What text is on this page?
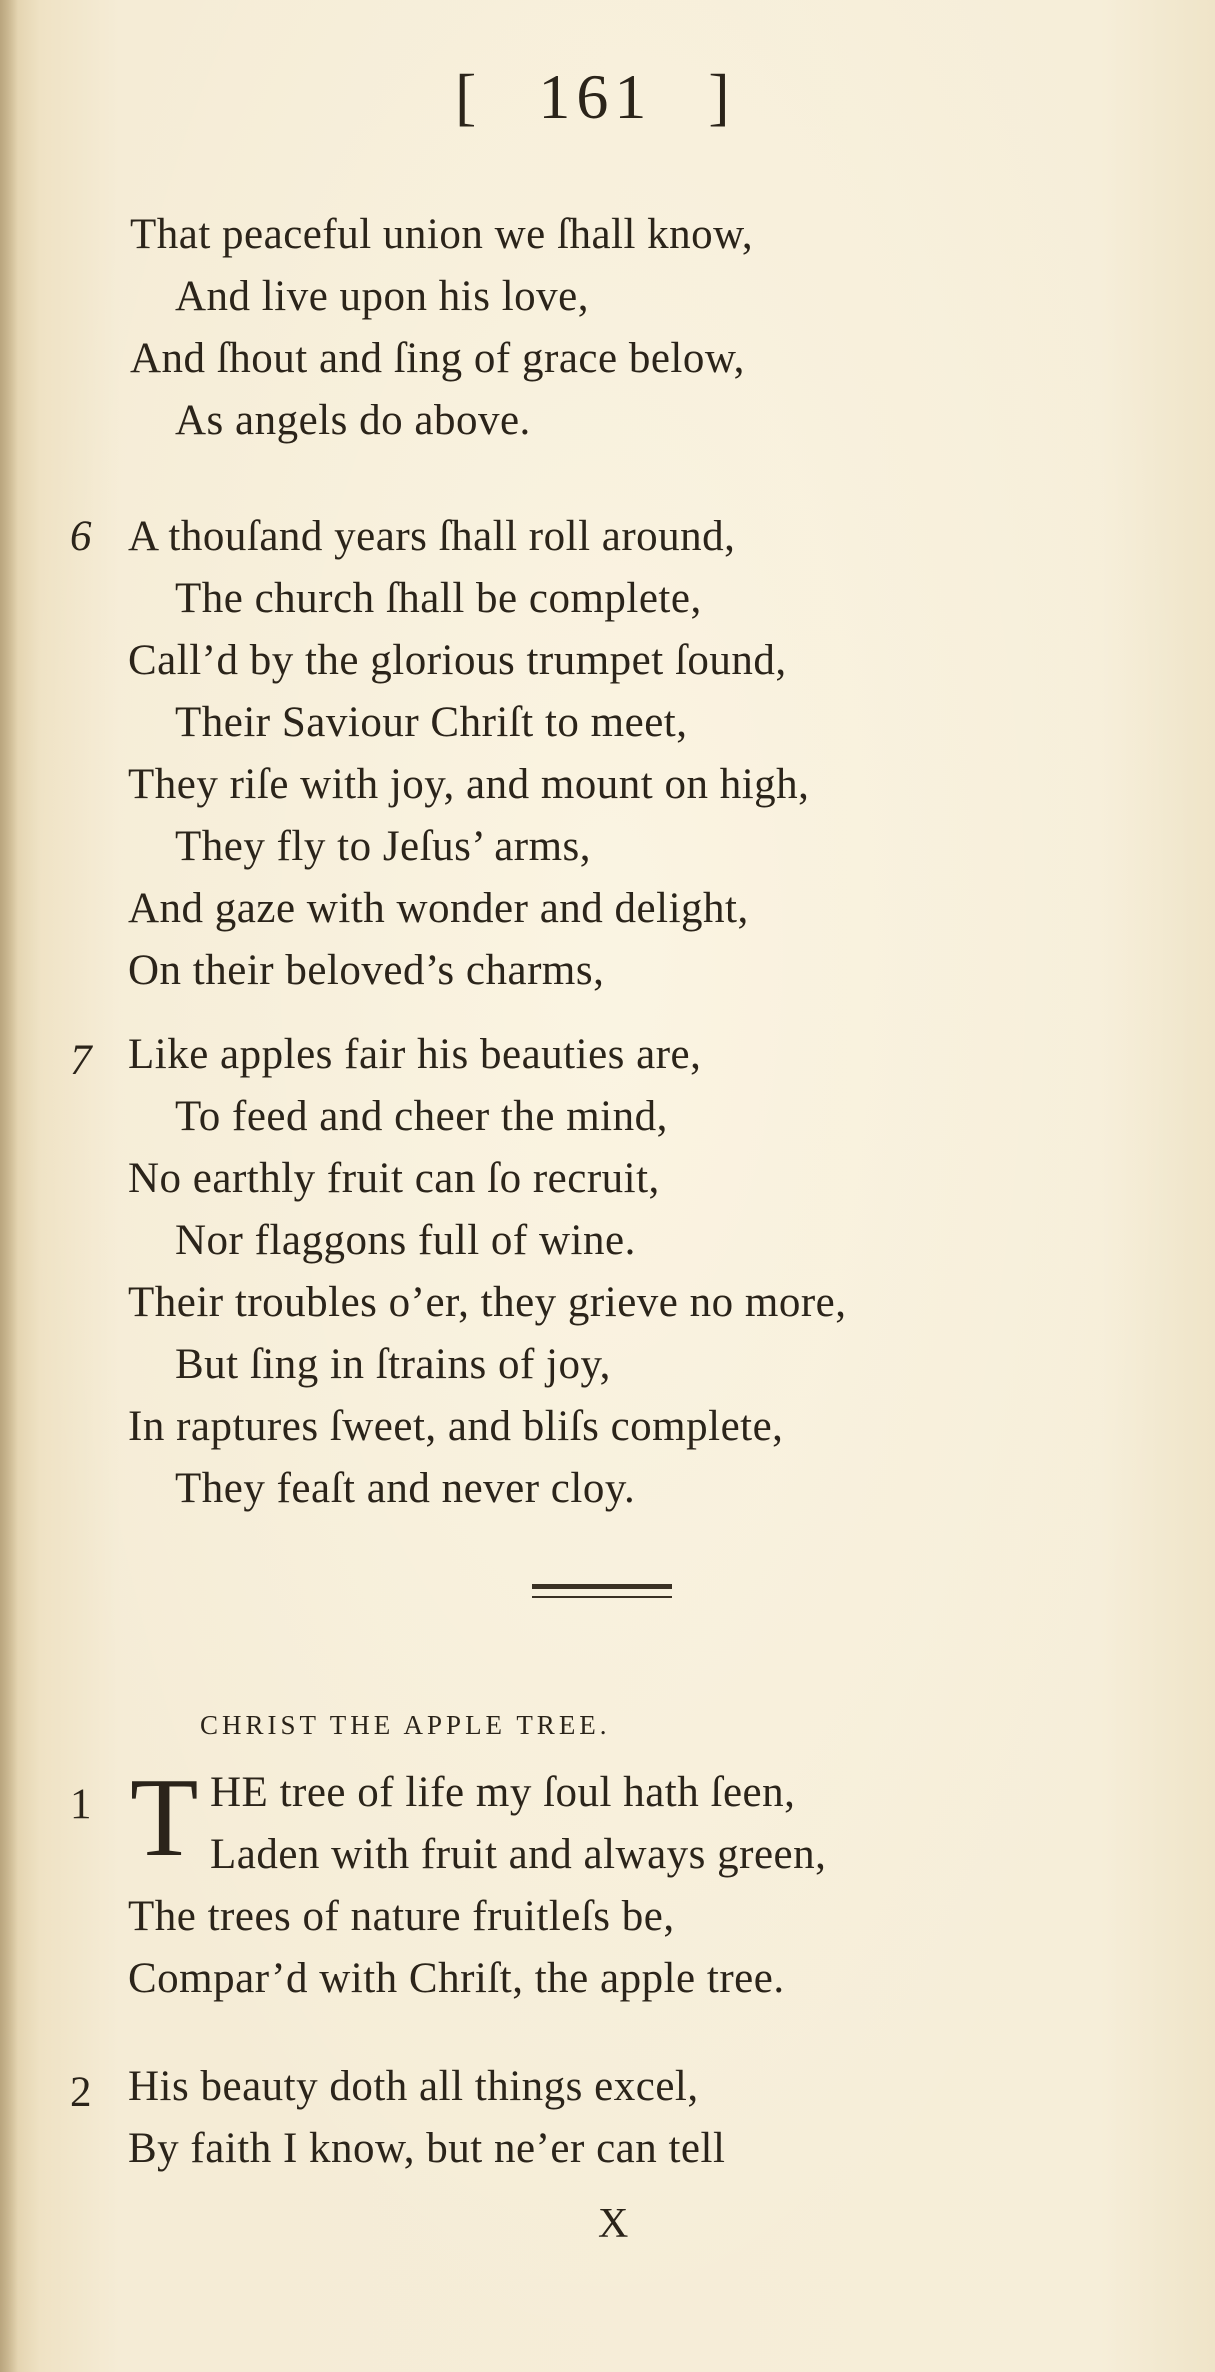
[ 161 ]
That peaceful union we ſhall know,
And live upon his love,
And ſhout and ſing of grace below,
As angels do above.
6 A thouſand years ſhall roll around,
The church ſhall be complete,
Call’d by the glorious trumpet ſound,
Their Saviour Chriſt to meet,
They riſe with joy, and mount on high,
They fly to Jeſus’ arms,
And gaze with wonder and delight,
On their beloved’s charms,
7 Like apples fair his beauties are,
To feed and cheer the mind,
No earthly fruit can ſo recruit,
Nor flaggons full of wine.
Their troubles o’er, they grieve no more,
But ſing in ſtrains of joy,
In raptures ſweet, and bliſs complete,
They feaſt and never cloy.
CHRIST THE APPLE TREE.
1 T HE tree of life my ſoul hath ſeen,
Laden with fruit and always green,
The trees of nature fruitleſs be,
Compar’d with Chriſt, the apple tree.
2 His beauty doth all things excel,
By faith I know, but ne’er can tell
X
